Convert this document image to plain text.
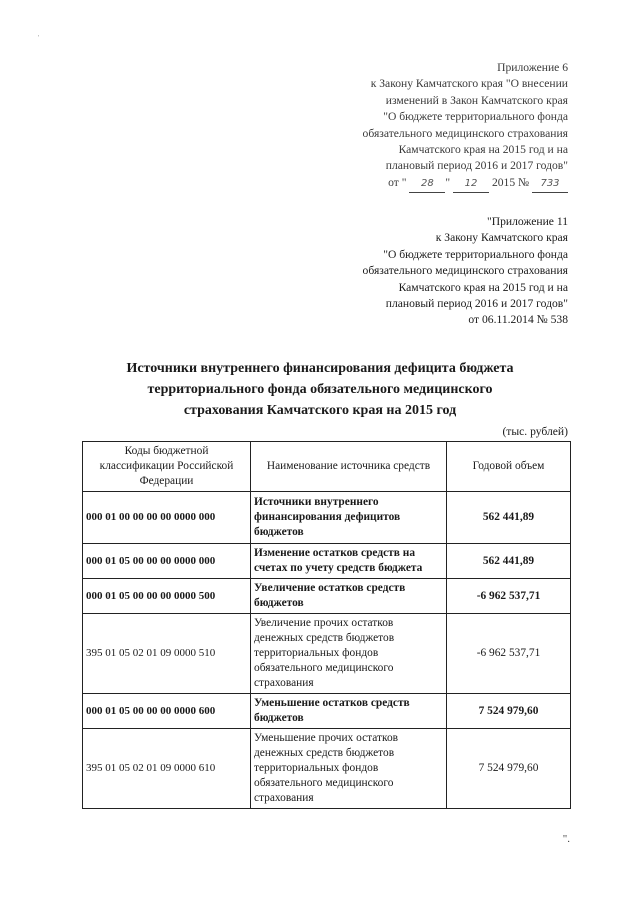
'
Приложение 6
к Закону Камчатского края "О внесении
изменений в Закон Камчатского края
"О бюджете территориального фонда
обязательного медицинского страхования
Камчатского края на 2015 год и на
плановый период 2016 и 2017 годов"
от " 28 " 12 2015 № 733
"Приложение 11
к Закону Камчатского края
"О бюджете территориального фонда
обязательного медицинского страхования
Камчатского края на 2015 год и на
плановый период 2016 и 2017 годов"
от 06.11.2014 № 538
Источники внутреннего финансирования дефицита бюджета
территориального фонда обязательного медицинского
страхования Камчатского края на 2015 год
(тыс. рублей)
Коды бюджетной классификации Российской Федерации	Наименование источника средств	Годовой объем
000 01 00 00 00 00 0000 000	Источники внутреннего финансирования дефицитов бюджетов	562 441,89
000 01 05 00 00 00 0000 000	Изменение остатков средств на счетах по учету средств бюджета	562 441,89
000 01 05 00 00 00 0000 500	Увеличение остатков средств бюджетов	-6 962 537,71
395 01 05 02 01 09 0000 510	Увеличение прочих остатков денежных средств бюджетов территориальных фондов обязательного медицинского страхования	-6 962 537,71
000 01 05 00 00 00 0000 600	Уменьшение остатков средств бюджетов	7 524 979,60
395 01 05 02 01 09 0000 610	Уменьшение прочих остатков денежных средств бюджетов территориальных фондов обязательного медицинского страхования	7 524 979,60
".
